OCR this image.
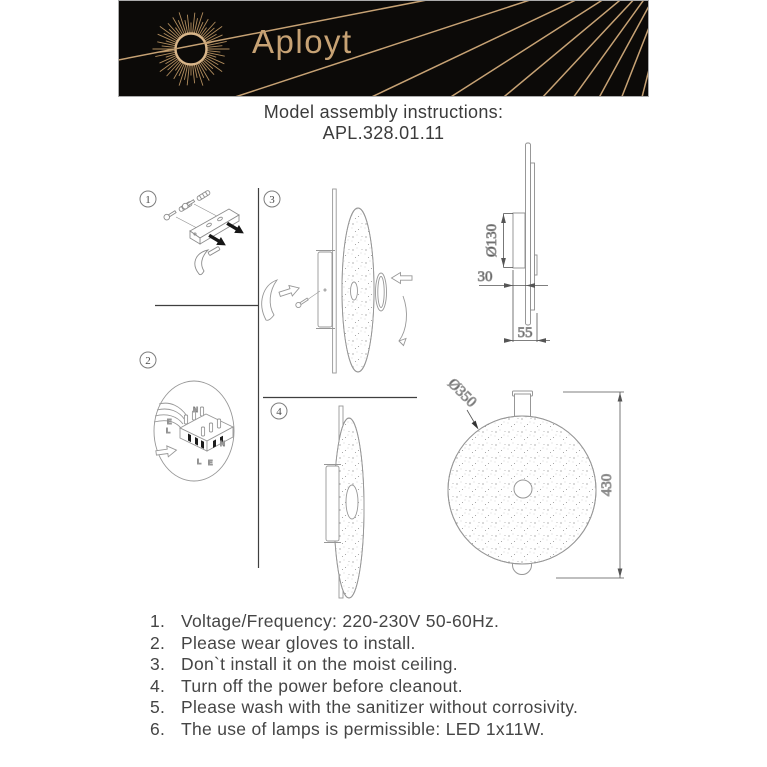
Aployt
Model assembly instructions:
APL.328.01.11
1
2
3
4
N
E
L
N
L E
Ø130
30
55
Ø350
430
1. Voltage/Frequency: 220-230V 50-60Hz.
2. Please wear gloves to install.
3. Don`t install it on the moist ceiling.
4. Turn off the power before cleanout.
5. Please wash with the sanitizer without corrosivity.
6. The use of lamps is permissible: LED 1x11W.
